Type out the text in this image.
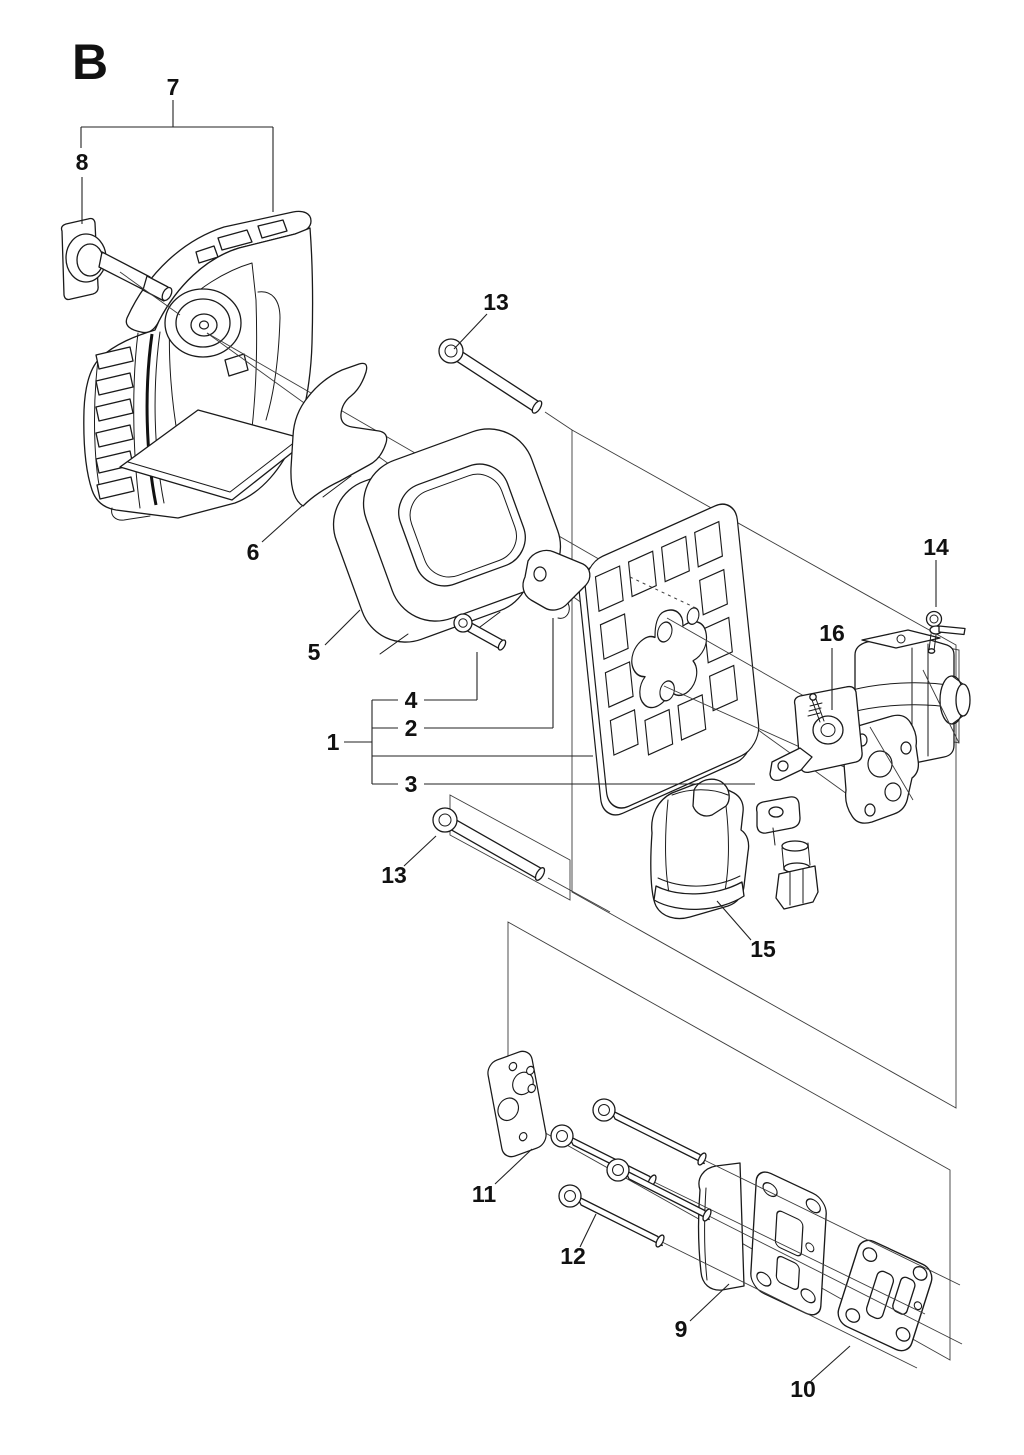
B	7
8
13
6
5
14
16
4
2
1
3
13
15
11
12
9
10
